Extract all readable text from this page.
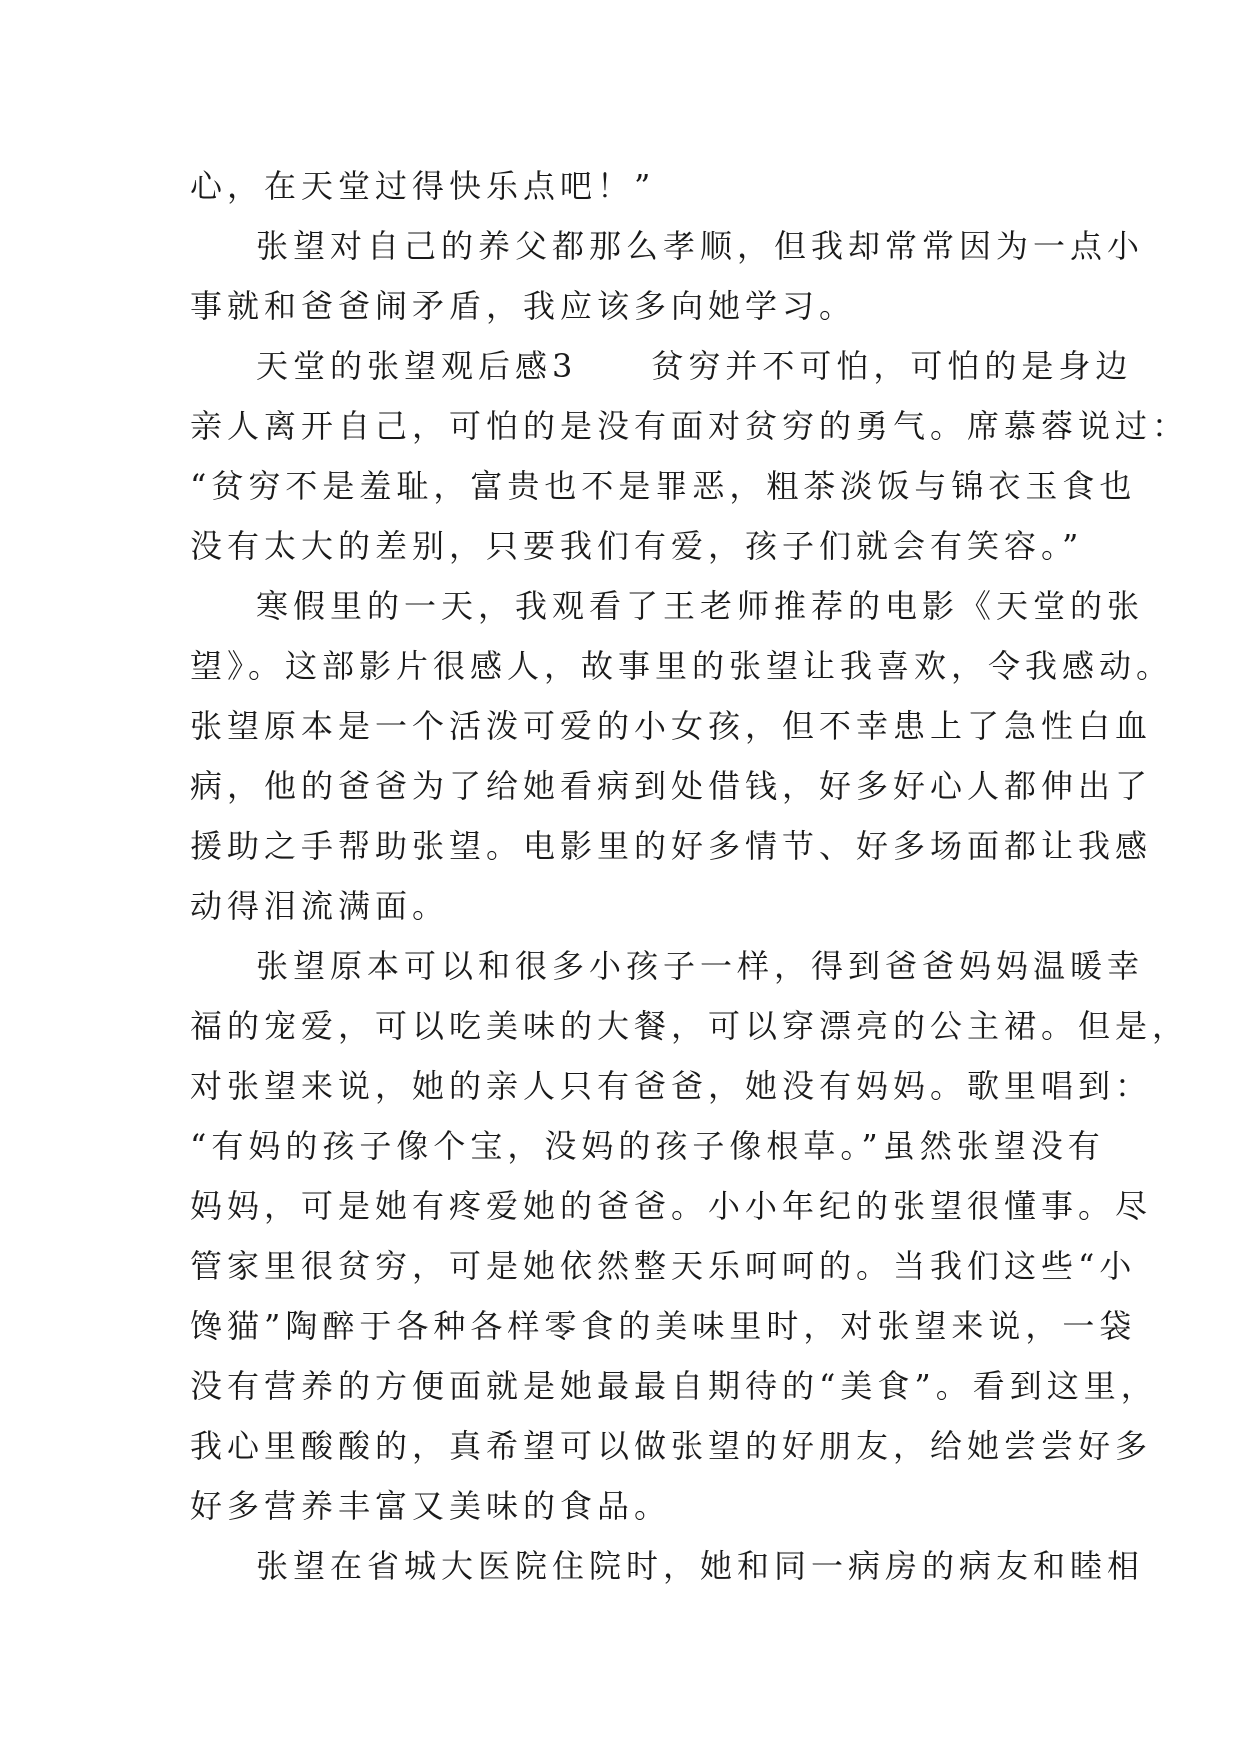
心，在天堂过得快乐点吧！”
张望对自己的养父都那么孝顺，但我却常常因为一点小
事就和爸爸闹矛盾，我应该多向她学习。
天堂的张望观后感3　　贫穷并不可怕，可怕的是身边
亲人离开自己，可怕的是没有面对贫穷的勇气。席慕蓉说过：
“贫穷不是羞耻，富贵也不是罪恶，粗茶淡饭与锦衣玉食也
没有太大的差别，只要我们有爱，孩子们就会有笑容。”
寒假里的一天，我观看了王老师推荐的电影《天堂的张
望》。这部影片很感人，故事里的张望让我喜欢，令我感动。
张望原本是一个活泼可爱的小女孩，但不幸患上了急性白血
病，他的爸爸为了给她看病到处借钱，好多好心人都伸出了
援助之手帮助张望。电影里的好多情节、好多场面都让我感
动得泪流满面。
张望原本可以和很多小孩子一样，得到爸爸妈妈温暖幸
福的宠爱，可以吃美味的大餐，可以穿漂亮的公主裙。但是，
对张望来说，她的亲人只有爸爸，她没有妈妈。歌里唱到：
“有妈的孩子像个宝，没妈的孩子像根草。”虽然张望没有
妈妈，可是她有疼爱她的爸爸。小小年纪的张望很懂事。尽
管家里很贫穷，可是她依然整天乐呵呵的。当我们这些“小
馋猫”陶醉于各种各样零食的美味里时，对张望来说，一袋
没有营养的方便面就是她最最自期待的“美食”。看到这里，
我心里酸酸的，真希望可以做张望的好朋友，给她尝尝好多
好多营养丰富又美味的食品。
张望在省城大医院住院时，她和同一病房的病友和睦相
